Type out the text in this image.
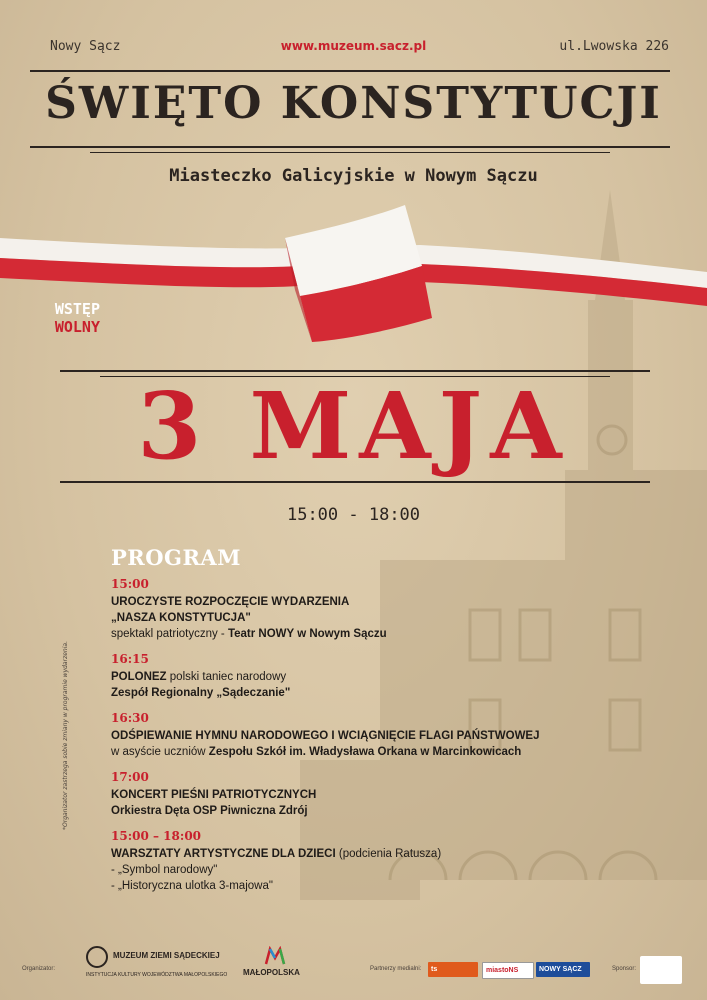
Nowy Sącz	www.muzeum.sacz.pl	ul.Lwowska 226
ŚWIĘTO KONSTYTUCJI
Miasteczko Galicyjskie w Nowym Sączu
WSTĘP
WOLNY
3 MAJA
15:00 - 18:00
PROGRAM
15:00
UROCZYSTE ROZPOCZĘCIE WYDARZENIA
„NASZA KONSTYTUCJA"
spektakl patriotyczny - Teatr NOWY w Nowym Sączu
16:15
POLONEZ polski taniec narodowy
Zespół Regionalny „Sądeczanie"
16:30
ODŚPIEWANIE HYMNU NARODOWEGO I WCIĄGNIĘCIE FLAGI PAŃSTWOWEJ
w asyście uczniów Zespołu Szkół im. Władysława Orkana w Marcinkowicach
17:00
KONCERT PIEŚNI PATRIOTYCZNYCH
Orkiestra Dęta OSP Piwniczna Zdrój
15:00 – 18:00
WARSZTATY ARTYSTYCZNE DLA DZIECI (podcienia Ratusza)
- „Symbol narodowy"
- „Historyczna ulotka 3-majowa"
*Organizator zastrzega sobie zmiany w programie wydarzenia.
Organizator:
MUZEUM ZIEMI SĄDECKIEJ
INSTYTUCJA KULTURY WOJEWÓDZTWA MAŁOPOLSKIEGO MAŁOPOLSKA	Partnerzy medialni:	ts	miastoNS	NOWY SĄCZ	Sponsor:
